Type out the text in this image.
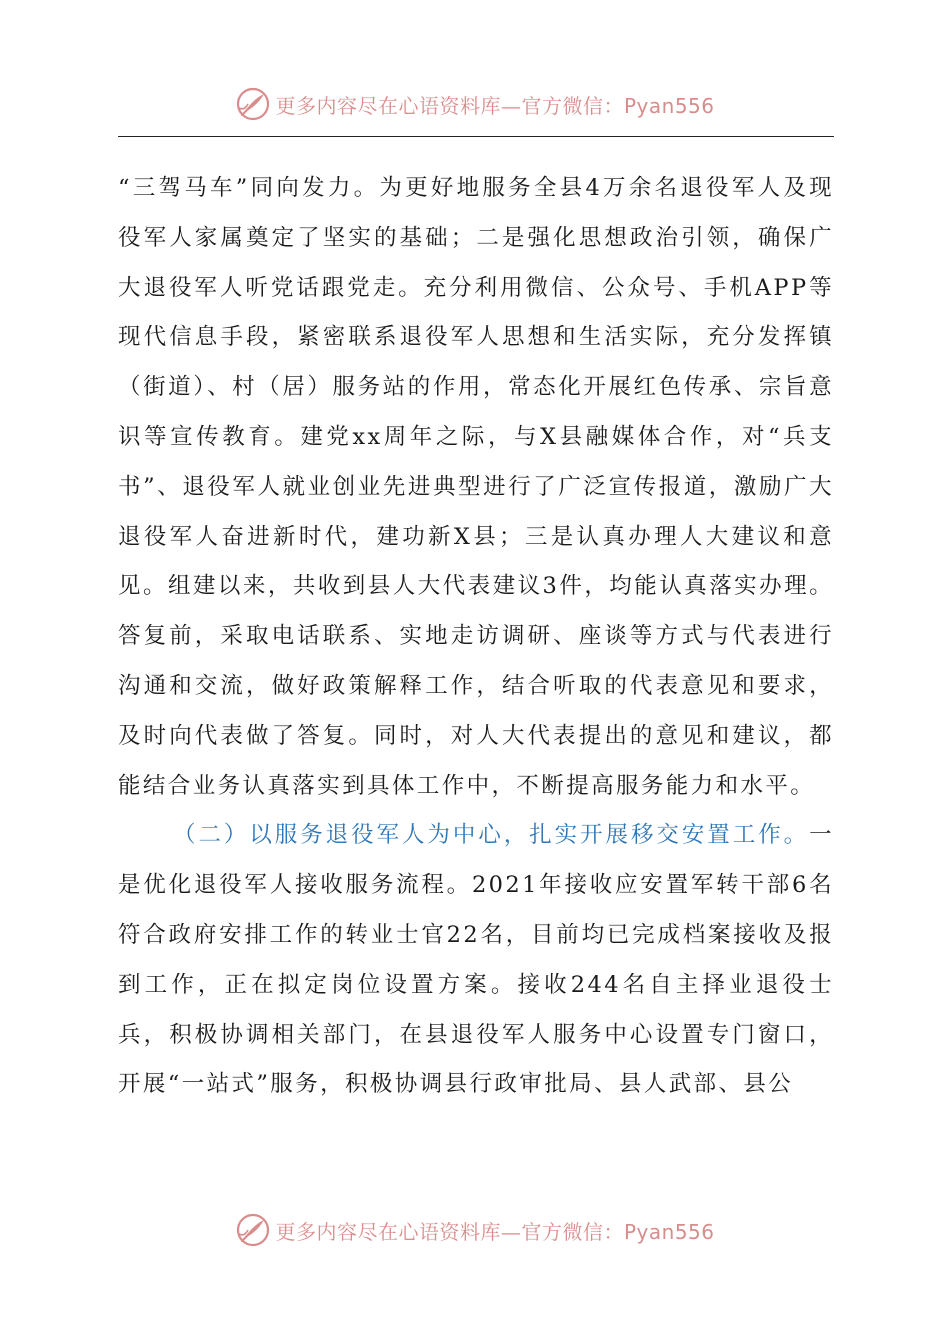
更多内容尽在心语资料库—官方微信：Pyan556

“三驾马车”同向发力。为更好地服务全县4万余名退役军人及现役军人家属奠定了坚实的基础；二是强化思想政治引领，确保广大退役军人听党话跟党走。充分利用微信、公众号、手机APP等现代信息手段，紧密联系退役军人思想和生活实际，充分发挥镇（街道）、村（居）服务站的作用，常态化开展红色传承、宗旨意识等宣传教育。建党xx周年之际，与X县融媒体合作，对“兵支书”、退役军人就业创业先进典型进行了广泛宣传报道，激励广大退役军人奋进新时代，建功新X县；三是认真办理人大建议和意见。组建以来，共收到县人大代表建议3件，均能认真落实办理。答复前，采取电话联系、实地走访调研、座谈等方式与代表进行沟通和交流，做好政策解释工作，结合听取的代表意见和要求，及时向代表做了答复。同时，对人大代表提出的意见和建议，都能结合业务认真落实到具体工作中，不断提高服务能力和水平。

（二）以服务退役军人为中心，扎实开展移交安置工作。一是优化退役军人接收服务流程。2021年接收应安置军转干部6名符合政府安排工作的转业士官22名，目前均已完成档案接收及报到工作，正在拟定岗位设置方案。接收244名自主择业退役士兵，积极协调相关部门，在县退役军人服务中心设置专门窗口，开展“一站式”服务，积极协调县行政审批局、县人武部、县公

更多内容尽在心语资料库—官方微信：Pyan556
